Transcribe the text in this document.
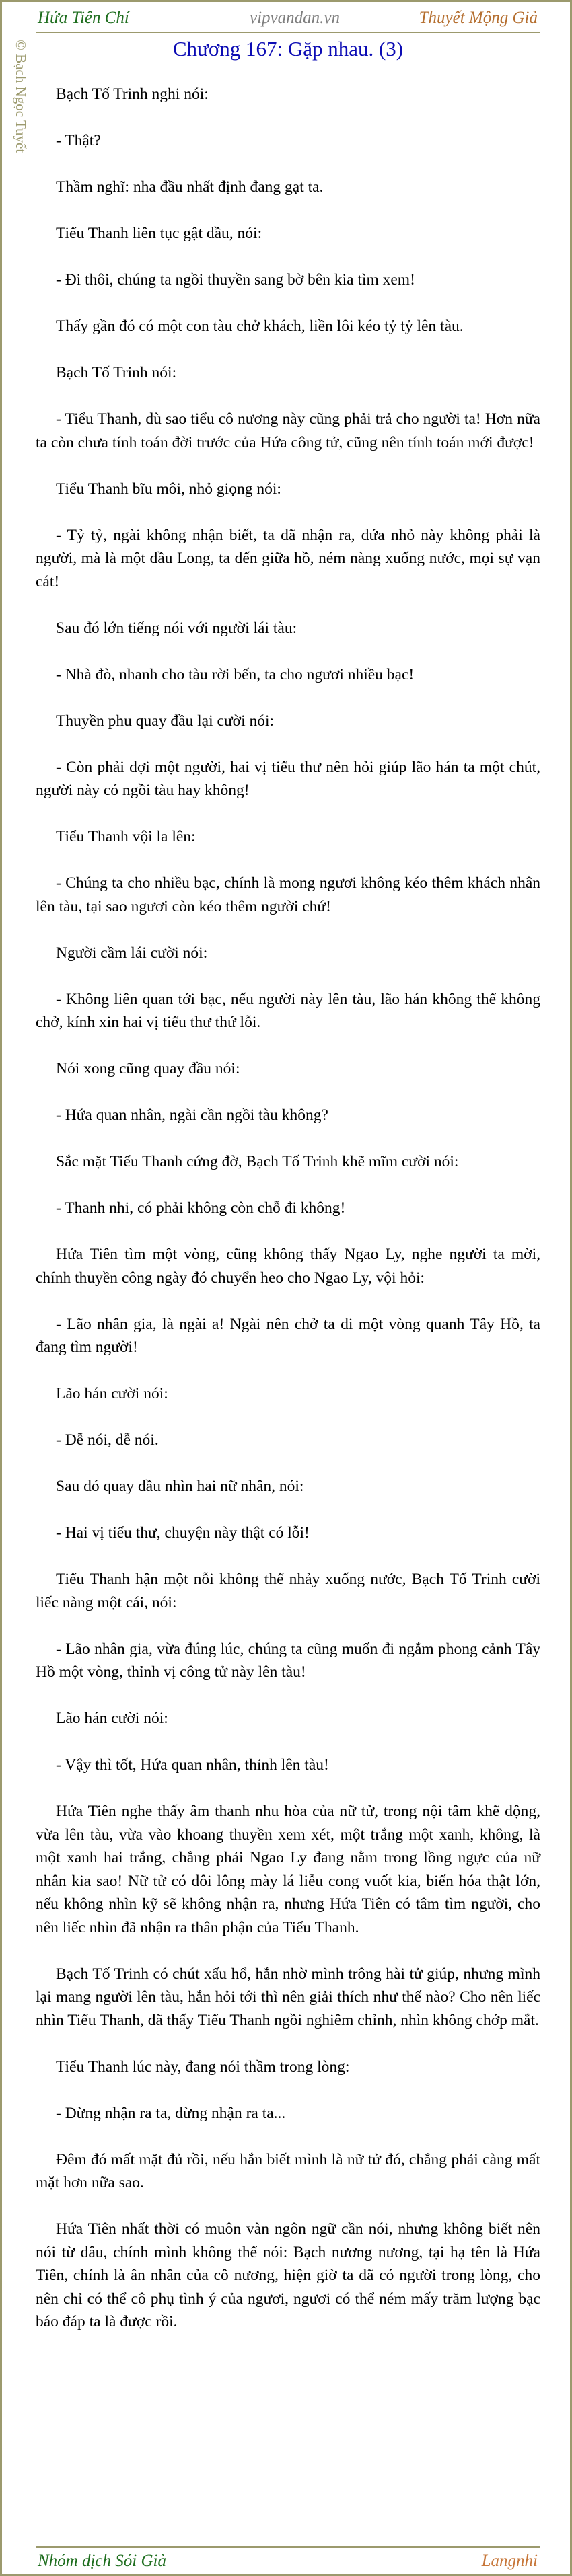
© Bạch Ngọc Tuyết
Hứa Tiên Chí	vipvandan.vn	Thuyết Mộng Giả
Chương 167: Gặp nhau. (3)

Bạch Tố Trinh nghi nói:

- Thật?

Thầm nghĩ: nha đầu nhất định đang gạt ta.

Tiểu Thanh liên tục gật đầu, nói:

- Đi thôi, chúng ta ngồi thuyền sang bờ bên kia tìm xem!

Thấy gần đó có một con tàu chở khách, liền lôi kéo tỷ tỷ lên tàu.

Bạch Tố Trinh nói:

- Tiểu Thanh, dù sao tiểu cô nương này cũng phải trả cho người ta! Hơn nữa ta còn chưa tính toán đời trước của Hứa công tử, cũng nên tính toán mới được!

Tiểu Thanh bĩu môi, nhỏ giọng nói:

- Tỷ tỷ, ngài không nhận biết, ta đã nhận ra, đứa nhỏ này không phải là người, mà là một đầu Long, ta đến giữa hồ, ném nàng xuống nước, mọi sự vạn cát!

Sau đó lớn tiếng nói với người lái tàu:

- Nhà đò, nhanh cho tàu rời bến, ta cho ngươi nhiều bạc!

Thuyền phu quay đầu lại cười nói:

- Còn phải đợi một người, hai vị tiểu thư nên hỏi giúp lão hán ta một chút, người này có ngồi tàu hay không!

Tiểu Thanh vội la lên:

- Chúng ta cho nhiều bạc, chính là mong ngươi không kéo thêm khách nhân lên tàu, tại sao ngươi còn kéo thêm người chứ!

Người cầm lái cười nói:

- Không liên quan tới bạc, nếu người này lên tàu, lão hán không thể không chở, kính xin hai vị tiểu thư thứ lỗi.

Nói xong cũng quay đầu nói:

- Hứa quan nhân, ngài cần ngồi tàu không?

Sắc mặt Tiểu Thanh cứng đờ, Bạch Tố Trinh khẽ mĩm cười nói:

- Thanh nhi, có phải không còn chỗ đi không!

Hứa Tiên tìm một vòng, cũng không thấy Ngao Ly, nghe người ta mời, chính thuyền công ngày đó chuyển heo cho Ngao Ly, vội hỏi:

- Lão nhân gia, là ngài a! Ngài nên chở ta đi một vòng quanh Tây Hồ, ta đang tìm người!

Lão hán cười nói:

- Dễ nói, dễ nói.

Sau đó quay đầu nhìn hai nữ nhân, nói:

- Hai vị tiểu thư, chuyện này thật có lỗi!

Tiểu Thanh hận một nỗi không thể nhảy xuống nước, Bạch Tố Trinh cười liếc nàng một cái, nói:

- Lão nhân gia, vừa đúng lúc, chúng ta cũng muốn đi ngắm phong cảnh Tây Hồ một vòng, thỉnh vị công tử này lên tàu!

Lão hán cười nói:

- Vậy thì tốt, Hứa quan nhân, thỉnh lên tàu!

Hứa Tiên nghe thấy âm thanh nhu hòa của nữ tử, trong nội tâm khẽ động, vừa lên tàu, vừa vào khoang thuyền xem xét, một trắng một xanh, không, là một xanh hai trắng, chẳng phải Ngao Ly đang nằm trong lồng ngực của nữ nhân kia sao! Nữ tử có đôi lông mày lá liễu cong vuốt kia, biến hóa thật lớn, nếu không nhìn kỹ sẽ không nhận ra, nhưng Hứa Tiên có tâm tìm người, cho nên liếc nhìn đã nhận ra thân phận của Tiểu Thanh.

Bạch Tố Trinh có chút xấu hổ, hắn nhờ mình trông hài tử giúp, nhưng mình lại mang người lên tàu, hắn hỏi tới thì nên giải thích như thế nào? Cho nên liếc nhìn Tiểu Thanh, đã thấy Tiểu Thanh ngồi nghiêm chỉnh, nhìn không chớp mắt.

Tiểu Thanh lúc này, đang nói thầm trong lòng:

- Đừng nhận ra ta, đừng nhận ra ta...

Đêm đó mất mặt đủ rồi, nếu hắn biết mình là nữ tử đó, chẳng phải càng mất mặt hơn nữa sao.

Hứa Tiên nhất thời có muôn vàn ngôn ngữ cần nói, nhưng không biết nên nói từ đâu, chính mình không thể nói: Bạch nương nương, tại hạ tên là Hứa Tiên, chính là ân nhân của cô nương, hiện giờ ta đã có người trong lòng, cho nên chỉ có thể cô phụ tình ý của ngươi, ngươi có thể ném mấy trăm lượng bạc báo đáp ta là được rồi.

Nhóm dịch Sói Già	Langnhi
